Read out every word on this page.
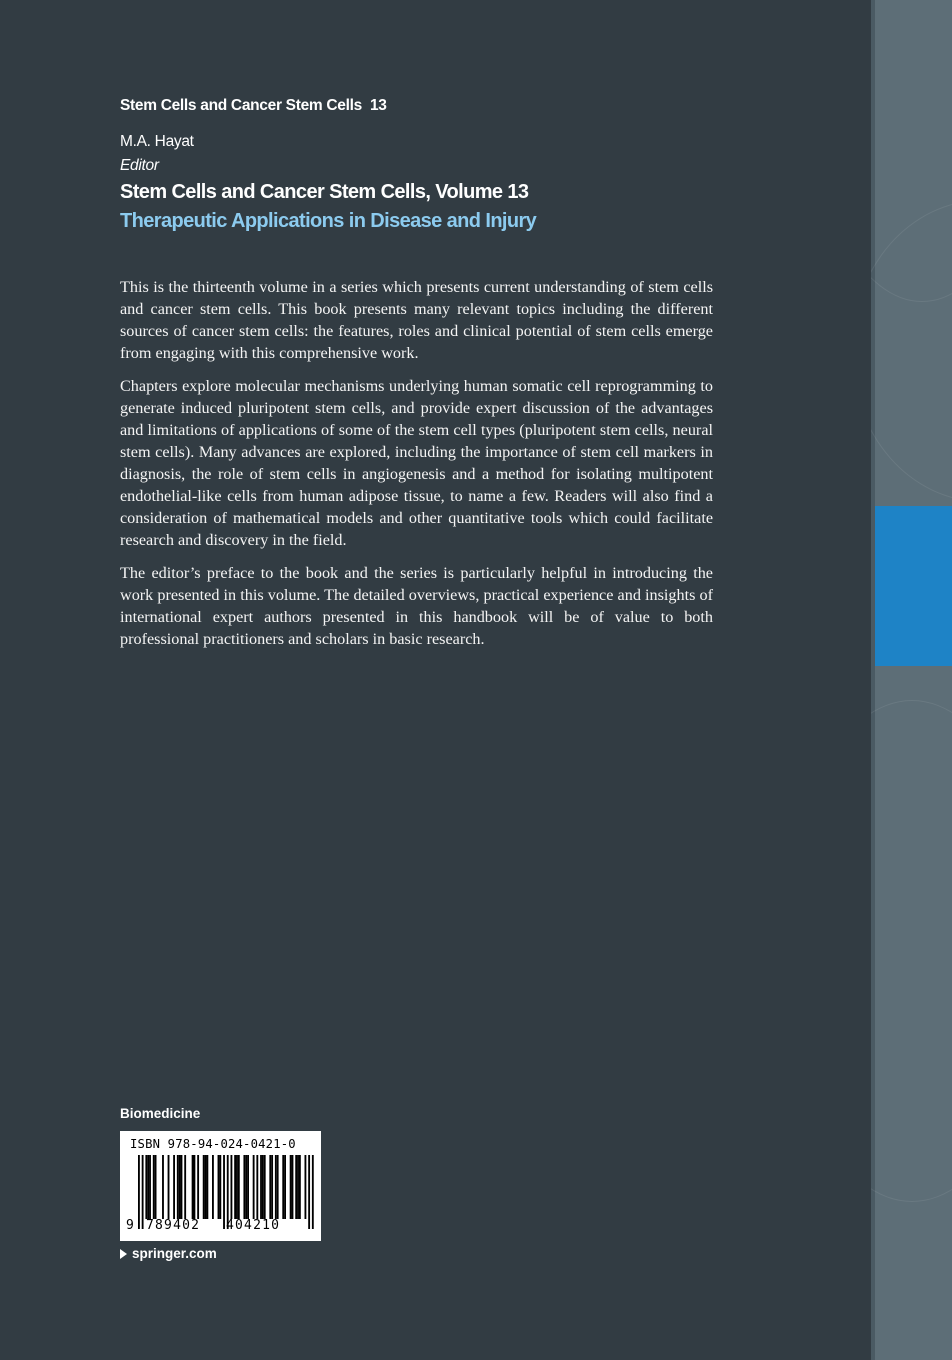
Stem Cells and Cancer Stem Cells 13
M.A. Hayat
Editor
Stem Cells and Cancer Stem Cells, Volume 13
Therapeutic Applications in Disease and Injury

This is the thirteenth volume in a series which presents current understanding of stem cells and cancer stem cells. This book presents many relevant topics including the different sources of cancer stem cells: the features, roles and clinical potential of stem cells emerge from engaging with this comprehensive work.

Chapters explore molecular mechanisms underlying human somatic cell reprogramming to generate induced pluripotent stem cells, and provide expert discussion of the advantages and limitations of applications of some of the stem cell types (pluripotent stem cells, neural stem cells). Many advances are explored, including the importance of stem cell markers in diagnosis, the role of stem cells in angiogenesis and a method for isolating multipotent endothelial-like cells from human adipose tissue, to name a few. Readers will also find a consideration of mathematical models and other quantitative tools which could facilitate research and discovery in the field.

The editor’s preface to the book and the series is particularly helpful in introducing the work presented in this volume. The detailed overviews, practical experience and insights of international expert authors presented in this handbook will be of value to both professional practitioners and scholars in basic research.

Biomedicine
ISBN 978-94-024-0421-0
9 789402 404210
springer.com
